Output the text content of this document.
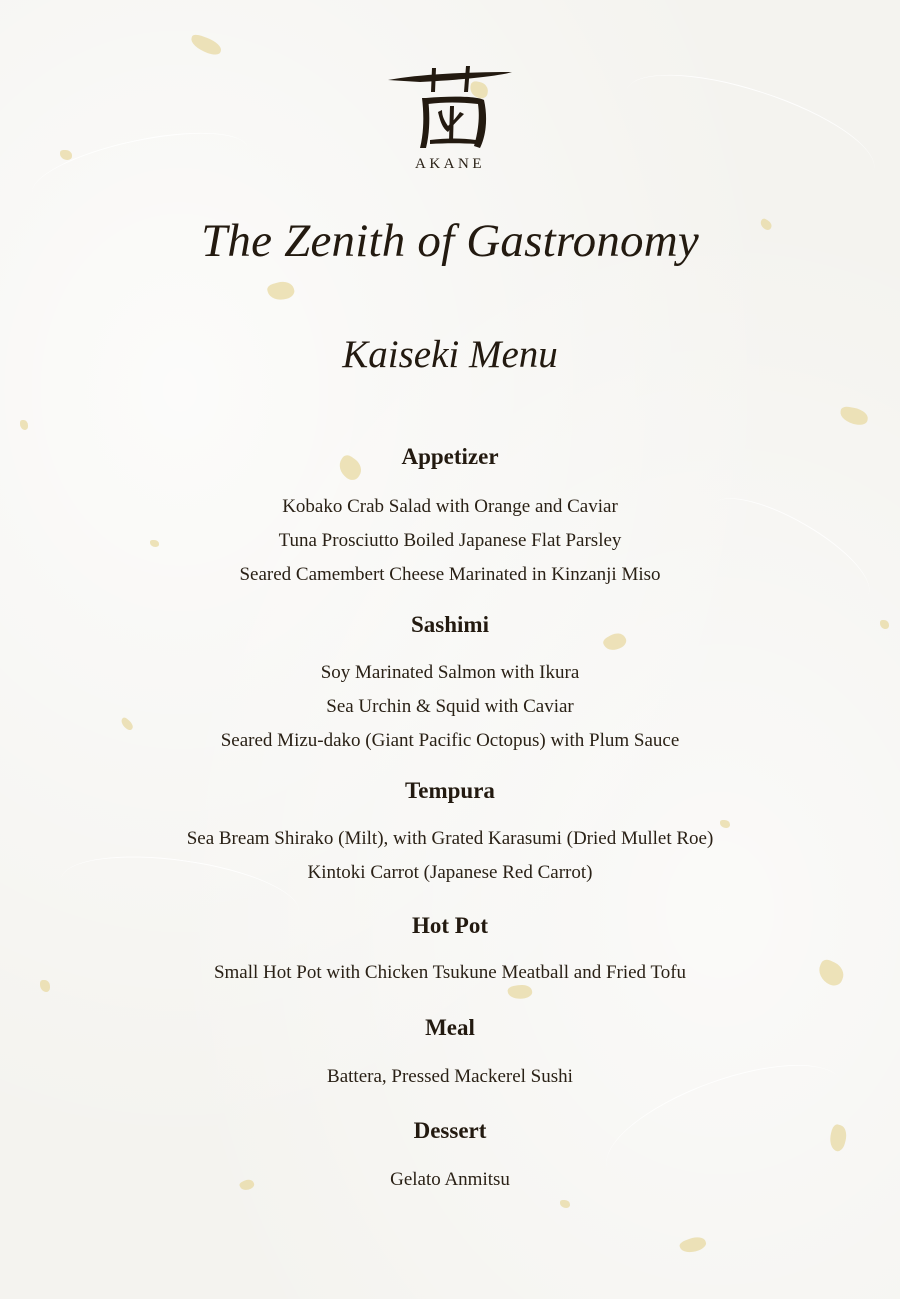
AKANE
The Zenith of Gastronomy
Kaiseki Menu
Appetizer
Kobako Crab Salad with Orange and Caviar
Tuna Prosciutto Boiled Japanese Flat Parsley
Seared Camembert Cheese Marinated in Kinzanji Miso
Sashimi
Soy Marinated Salmon with Ikura
Sea Urchin & Squid with Caviar
Seared Mizu-dako (Giant Pacific Octopus) with Plum Sauce
Tempura
Sea Bream Shirako (Milt), with Grated Karasumi (Dried Mullet Roe)
Kintoki Carrot (Japanese Red Carrot)
Hot Pot
Small Hot Pot with Chicken Tsukune Meatball and Fried Tofu
Meal
Battera, Pressed Mackerel Sushi
Dessert
Gelato Anmitsu
